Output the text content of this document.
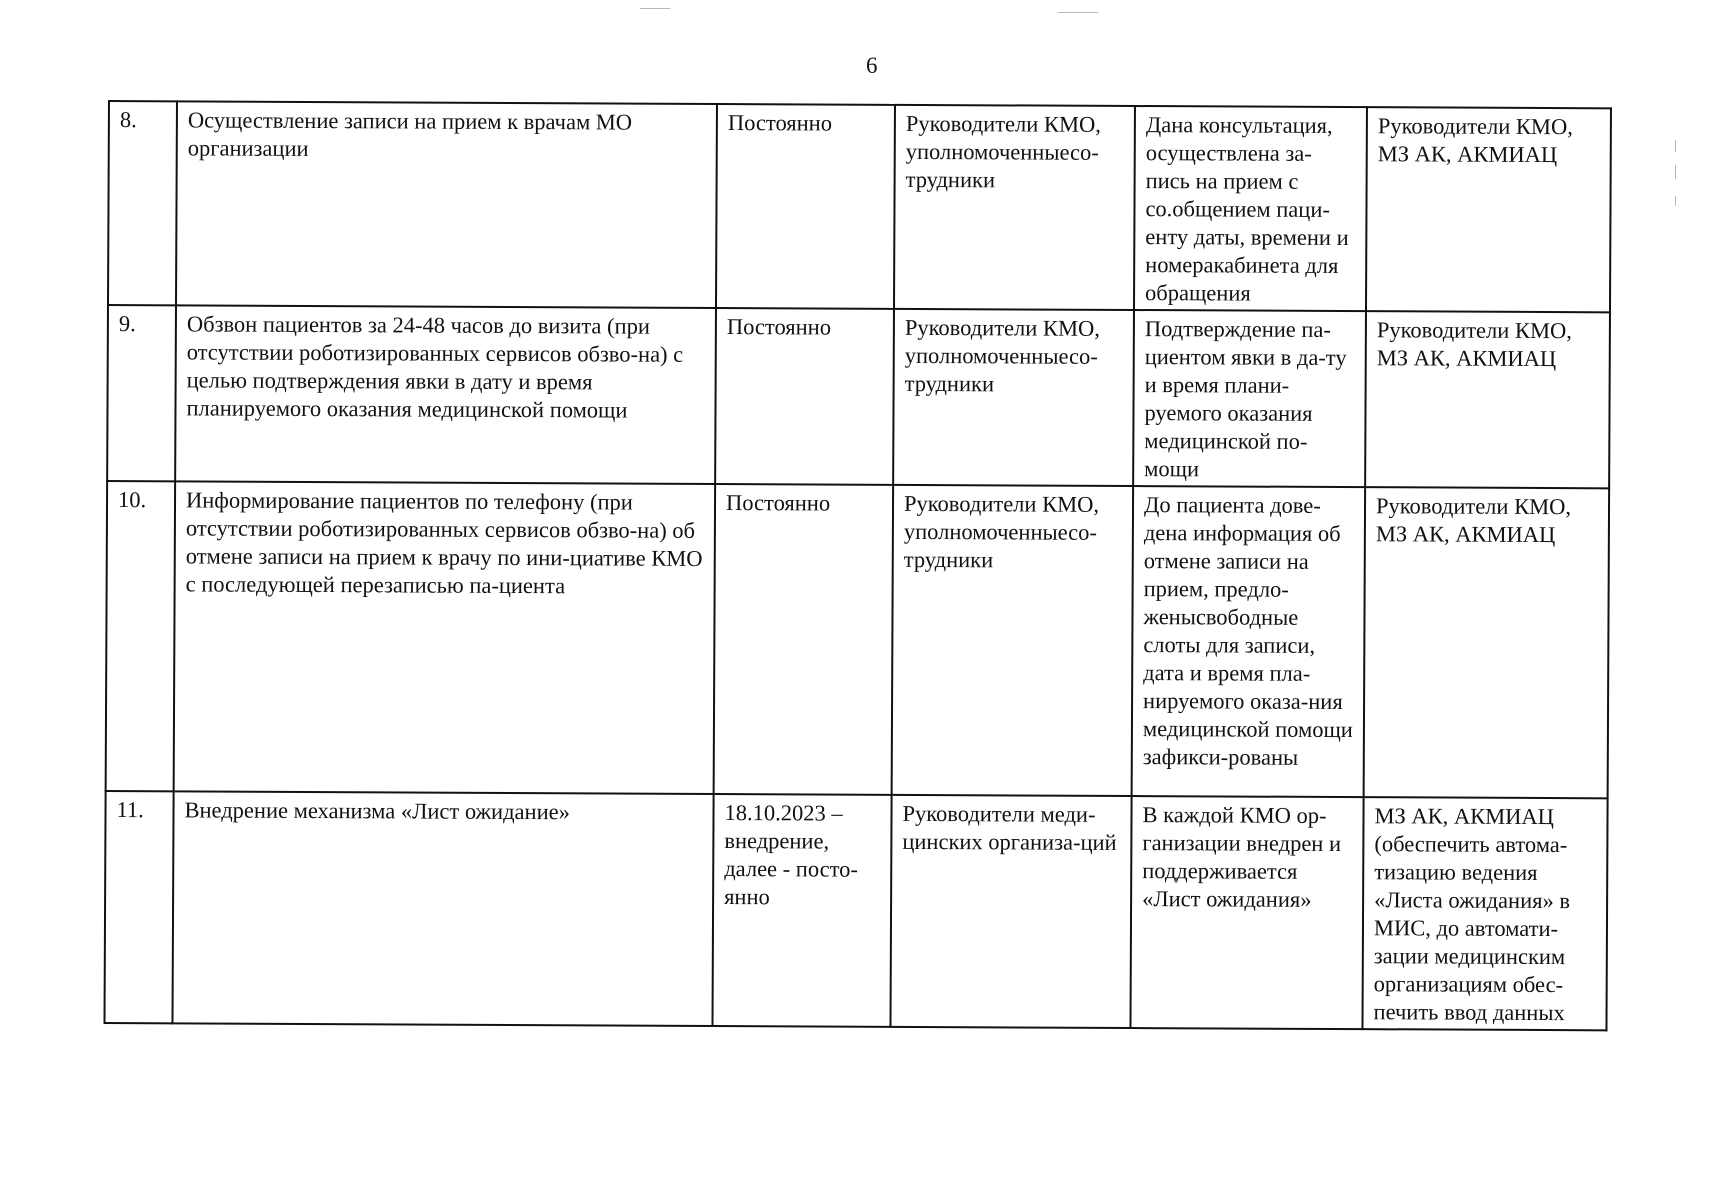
6
8.	Осуществление записи на прием к врачам МО организации	Постоянно	Руководители КМО, уполномоченныесо-трудники	Дана консультация, осуществлена за-пись на прием с со.общением паци-енту даты, времени и номеракабинета для обращения	Руководители КМО, МЗ АК, АКМИАЦ
9.	Обзвон пациентов за 24-48 часов до визита (при отсутствии роботизированных сервисов обзво-на) с целью подтверждения явки в дату и время планируемого оказания медицинской помощи	Постоянно	Руководители КМО, уполномоченныесо-трудники	Подтверждение па-циентом явки в да-ту и время плани-руемого оказания медицинской по-мощи	Руководители КМО, МЗ АК, АКМИАЦ
10.	Информирование пациентов по телефону (при отсутствии роботизированных сервисов обзво-на) об отмене записи на прием к врачу по ини-циативе КМО с последующей перезаписью па-циента	Постоянно	Руководители КМО, уполномоченныесо-трудники	До пациента дове-дена информация об отмене записи на прием, предло-женысвободные слоты для записи, дата и время пла-нируемого оказа-ния медицинской помощи зафикси-рованы	Руководители КМО, МЗ АК, АКМИАЦ
11.	Внедрение механизма «Лист ожидание»	18.10.2023 – внедрение, далее - посто-янно	Руководители меди-цинских организа-ций	В каждой КМО ор-ганизации внедрен и поддерживается «Лист ожидания»	МЗ АК, АКМИАЦ (обеспечить автома-тизацию ведения «Листа ожидания» в МИС, до автомати-зации медицинским организациям обес-печить ввод данных
